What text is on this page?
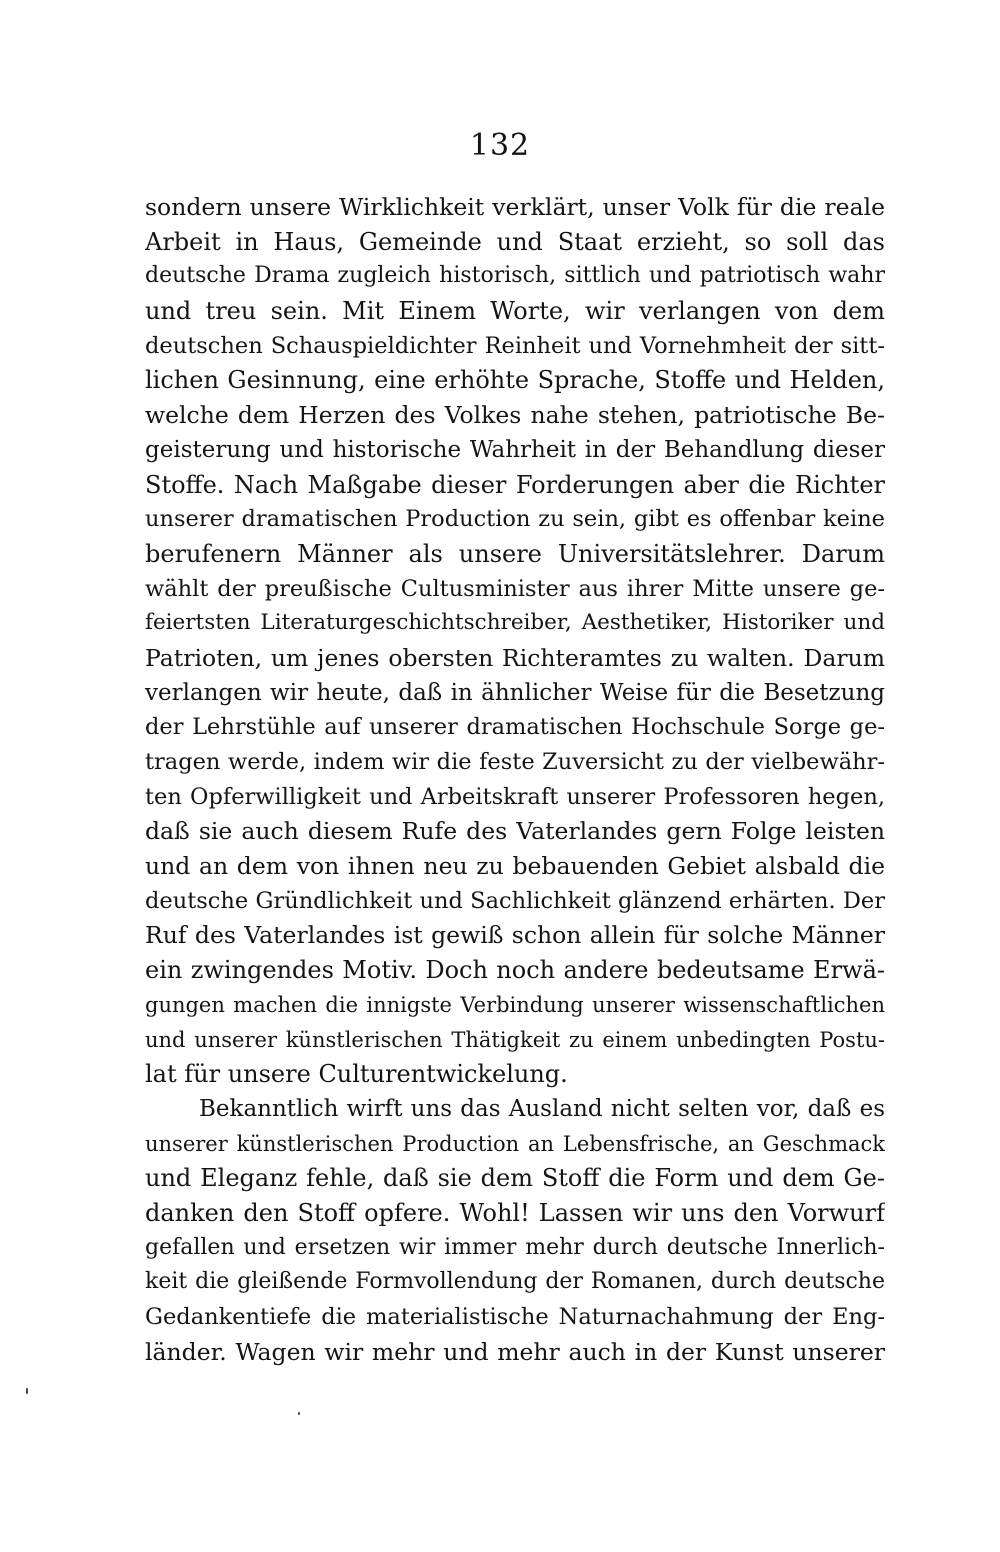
132
sondern unsere Wirklichkeit verklärt, unser Volk für die reale
Arbeit in Haus, Gemeinde und Staat erzieht, so soll das
deutsche Drama zugleich historisch, sittlich und patriotisch wahr
und treu sein. Mit Einem Worte, wir verlangen von dem
deutschen Schauspieldichter Reinheit und Vornehmheit der sitt-
lichen Gesinnung, eine erhöhte Sprache, Stoffe und Helden,
welche dem Herzen des Volkes nahe stehen, patriotische Be-
geisterung und historische Wahrheit in der Behandlung dieser
Stoffe. Nach Maßgabe dieser Forderungen aber die Richter
unserer dramatischen Production zu sein, gibt es offenbar keine
berufenern Männer als unsere Universitätslehrer. Darum
wählt der preußische Cultusminister aus ihrer Mitte unsere ge-
feiertsten Literaturgeschichtschreiber, Aesthetiker, Historiker und
Patrioten, um jenes obersten Richteramtes zu walten. Darum
verlangen wir heute, daß in ähnlicher Weise für die Besetzung
der Lehrstühle auf unserer dramatischen Hochschule Sorge ge-
tragen werde, indem wir die feste Zuversicht zu der vielbewähr-
ten Opferwilligkeit und Arbeitskraft unserer Professoren hegen,
daß sie auch diesem Rufe des Vaterlandes gern Folge leisten
und an dem von ihnen neu zu bebauenden Gebiet alsbald die
deutsche Gründlichkeit und Sachlichkeit glänzend erhärten. Der
Ruf des Vaterlandes ist gewiß schon allein für solche Männer
ein zwingendes Motiv. Doch noch andere bedeutsame Erwä-
gungen machen die innigste Verbindung unserer wissenschaftlichen
und unserer künstlerischen Thätigkeit zu einem unbedingten Postu-
lat für unsere Culturentwickelung.
Bekanntlich wirft uns das Ausland nicht selten vor, daß es
unserer künstlerischen Production an Lebensfrische, an Geschmack
und Eleganz fehle, daß sie dem Stoff die Form und dem Ge-
danken den Stoff opfere. Wohl! Lassen wir uns den Vorwurf
gefallen und ersetzen wir immer mehr durch deutsche Innerlich-
keit die gleißende Formvollendung der Romanen, durch deutsche
Gedankentiefe die materialistische Naturnachahmung der Eng-
länder. Wagen wir mehr und mehr auch in der Kunst unserer
